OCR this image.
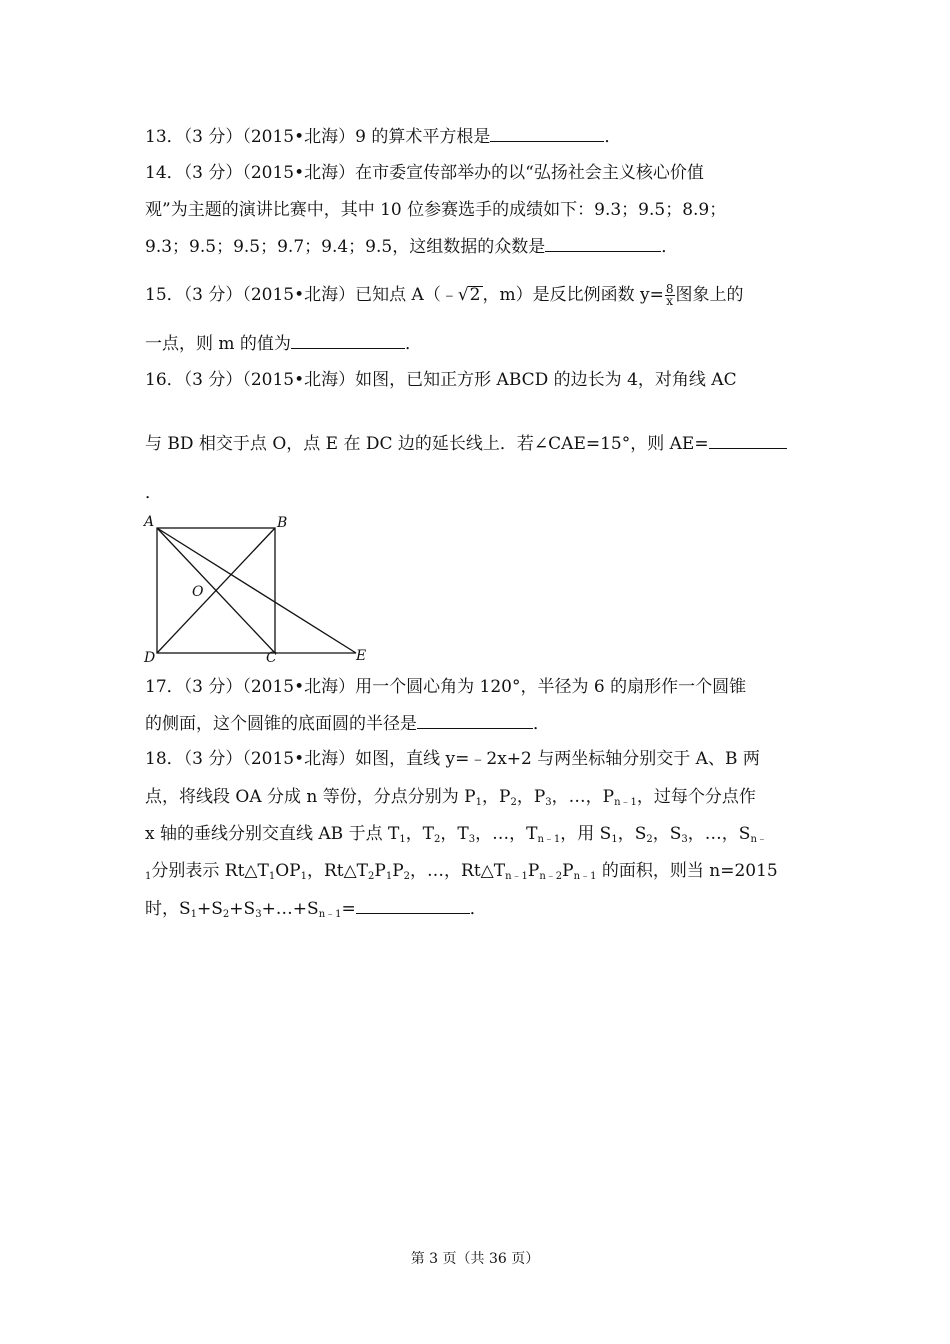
13．（3 分）（2015•北海）9 的算术平方根是	．
14．（3 分）（2015•北海）在市委宣传部举办的以“弘扬社会主义核心价值
观”为主题的演讲比赛中，其中 10 位参赛选手的成绩如下：9.3；9.5；8.9；
9.3；9.5；9.5；9.7；9.4；9.5，这组数据的众数是	．
15．（3 分）（2015•北海）已知点 A（﹣√2 ，m）是反比例函数 $y= \frac{8}{x}$ 图象上的
一点，则 m 的值为	．
16．（3 分）（2015•北海）如图，已知正方形 ABCD 的边长为 4，对角线 AC
与 BD 相交于点 O，点 E 在 DC 边的延长线上．若∠CAE=15°，则 AE=
．
A	B
O
D	C	E
17．（3 分）（2015•北海）用一个圆心角为 120°，半径为 6 的扇形作一个圆锥
的侧面，这个圆锥的底面圆的半径是	．
18．（3 分）（2015•北海）如图，直线 y=﹣2x+2 与两坐标轴分别交于 A、B 两
点，将线段 OA 分成 n 等份，分点分别为 $P_1$，$P_2$，$P_3$，…，$P_{n﹣1}$，过每个分点作
x 轴的垂线分别交直线 AB 于点 $T_1$，$T_2$，$T_3$，…，$T_{n﹣1}$，用 $S_1$，$S_2$，$S_3$，…，$S_{n﹣}$
$_1$分别表示 $Rt\triangle T_1OP_1$，$Rt\triangle T_2P_1P_2$，…，$Rt\triangle T_{n﹣1}P_{n﹣2}P_{n﹣1}$ 的面积，则当 n=2015
时，$S_1+S_2+S_3+\dots+S_{n﹣1}=$	．
第 3 页（共 36 页）
